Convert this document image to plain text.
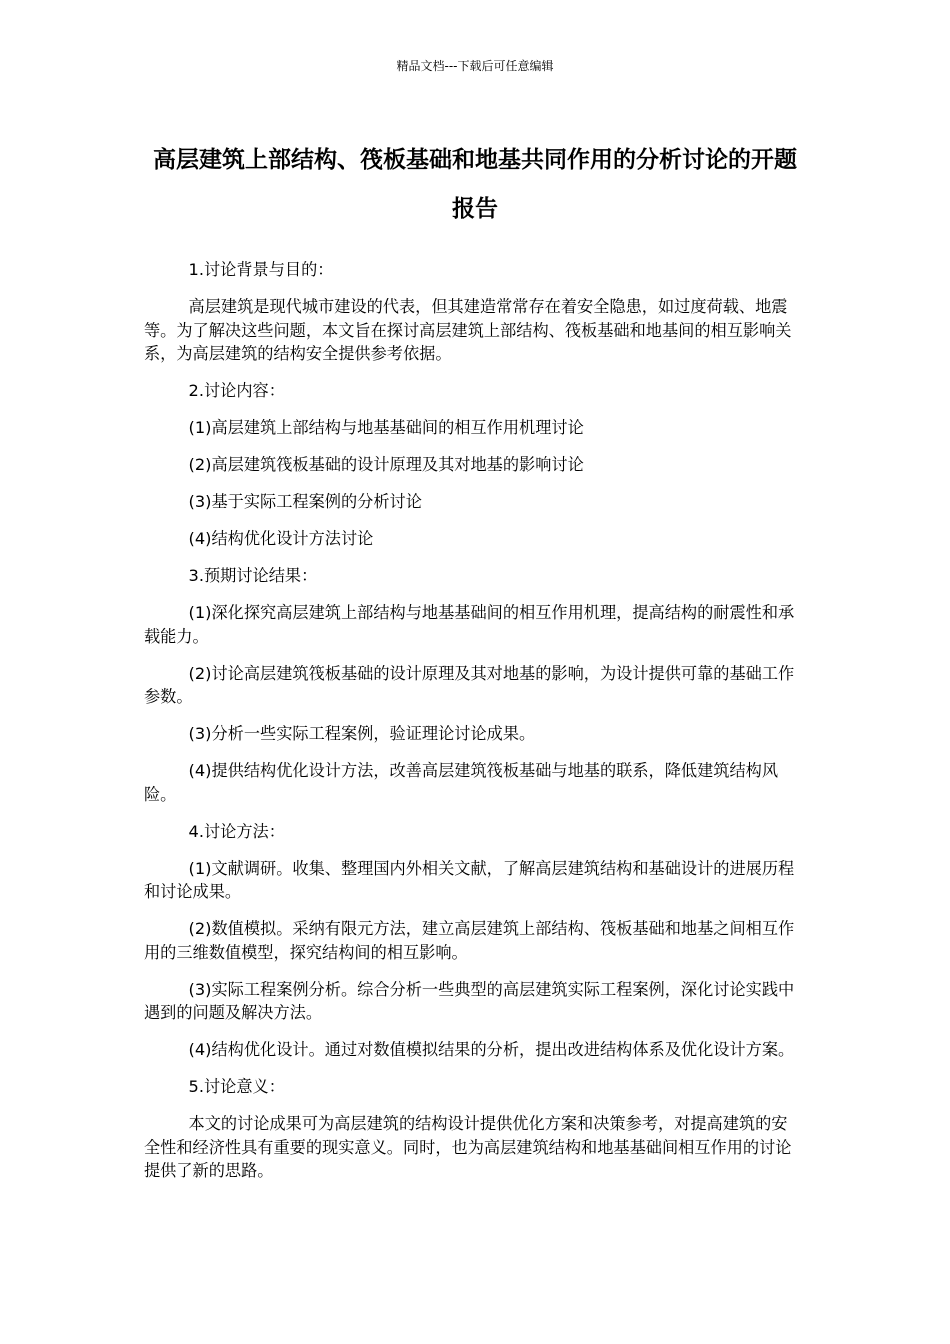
精品文档---下载后可任意编辑
高层建筑上部结构、筏板基础和地基共同作用的分析讨论的开题报告

1.讨论背景与目的：

高层建筑是现代城市建设的代表，但其建造常常存在着安全隐患，如过度荷载、地震等。为了解决这些问题，本文旨在探讨高层建筑上部结构、筏板基础和地基间的相互影响关系，为高层建筑的结构安全提供参考依据。

2.讨论内容：

(1)高层建筑上部结构与地基基础间的相互作用机理讨论

(2)高层建筑筏板基础的设计原理及其对地基的影响讨论

(3)基于实际工程案例的分析讨论

(4)结构优化设计方法讨论

3.预期讨论结果：

(1)深化探究高层建筑上部结构与地基基础间的相互作用机理，提高结构的耐震性和承载能力。

(2)讨论高层建筑筏板基础的设计原理及其对地基的影响，为设计提供可靠的基础工作参数。

(3)分析一些实际工程案例，验证理论讨论成果。

(4)提供结构优化设计方法，改善高层建筑筏板基础与地基的联系，降低建筑结构风险。

4.讨论方法：

(1)文献调研。收集、整理国内外相关文献，了解高层建筑结构和基础设计的进展历程和讨论成果。

(2)数值模拟。采纳有限元方法，建立高层建筑上部结构、筏板基础和地基之间相互作用的三维数值模型，探究结构间的相互影响。

(3)实际工程案例分析。综合分析一些典型的高层建筑实际工程案例，深化讨论实践中遇到的问题及解决方法。

(4)结构优化设计。通过对数值模拟结果的分析，提出改进结构体系及优化设计方案。

5.讨论意义：

本文的讨论成果可为高层建筑的结构设计提供优化方案和决策参考，对提高建筑的安全性和经济性具有重要的现实意义。同时，也为高层建筑结构和地基基础间相互作用的讨论提供了新的思路。
